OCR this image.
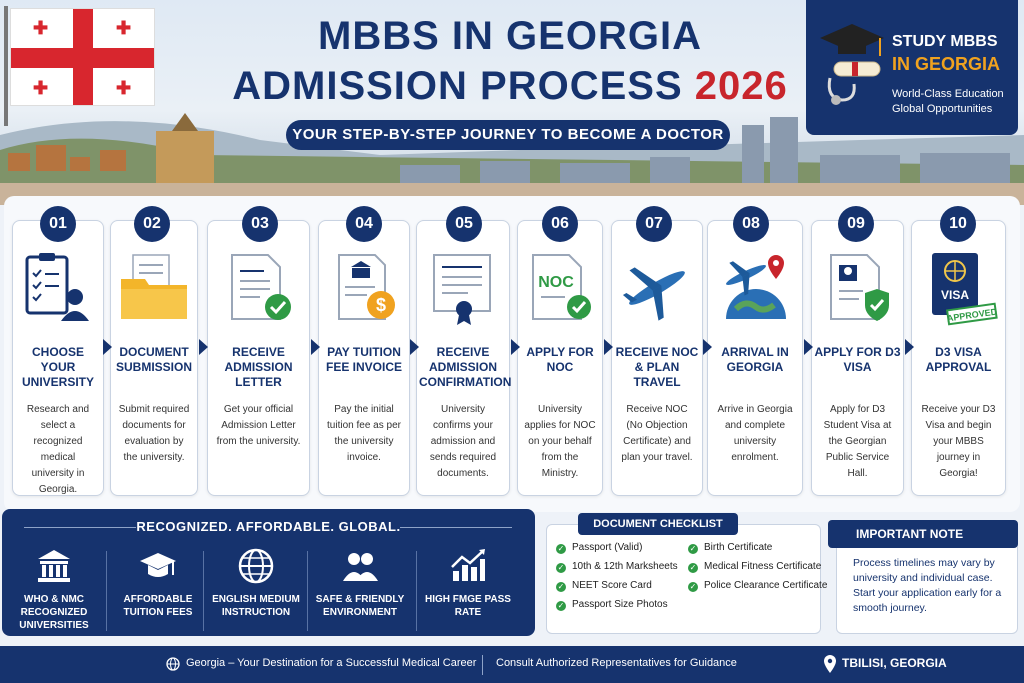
✚	✚
✚	✚
MBBS IN GEORGIA
ADMISSION PROCESS 2026
YOUR STEP-BY-STEP JOURNEY TO BECOME A DOCTOR
STUDY MBBS
IN GEORGIA
World-Class Education
Global Opportunities
01
CHOOSE YOUR UNIVERSITY
Research and select a recognized medical university in Georgia.
02
DOCUMENT SUBMISSION
Submit required documents for evaluation by the university.
03
RECEIVE ADMISSION LETTER
Get your official Admission Letter from the university.
04
$
PAY TUITION FEE INVOICE
Pay the initial tuition fee as per the university invoice.
05
RECEIVE ADMISSION CONFIRMATION
University confirms your admission and sends required documents.
06
NOC
APPLY FOR NOC
University applies for NOC on your behalf from the Ministry.
07
RECEIVE NOC & PLAN TRAVEL
Receive NOC (No Objection Certificate) and plan your travel.
08
ARRIVAL IN GEORGIA
Arrive in Georgia and complete university enrolment.
09
APPLY FOR D3 VISA
Apply for D3 Student Visa at the Georgian Public Service Hall.
10
VISA
APPROVED
D3 VISA APPROVAL
Receive your D3 Visa and begin your MBBS journey in Georgia!
RECOGNIZED. AFFORDABLE. GLOBAL.
WHO & NMC RECOGNIZED UNIVERSITIES
AFFORDABLE TUITION FEES
ENGLISH MEDIUM INSTRUCTION
SAFE & FRIENDLY ENVIRONMENT
HIGH FMGE PASS RATE
DOCUMENT CHECKLIST
✓ Passport (Valid)
✓ 10th & 12th Marksheets
✓ NEET Score Card
✓ Passport Size Photos
✓ Birth Certificate
✓ Medical Fitness Certificate
✓ Police Clearance Certificate
IMPORTANT NOTE
Process timelines may vary by university and individual case. Start your application early for a smooth journey.
Georgia – Your Destination for a Successful Medical Career Consult Authorized Representatives for Guidance	TBILISI, GEORGIA
